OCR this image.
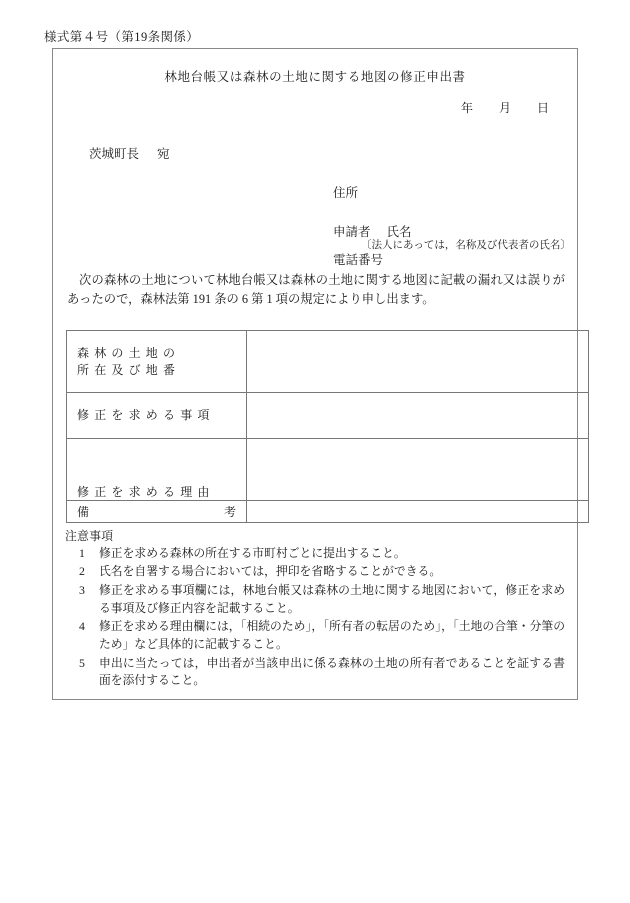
様式第４号（第19条関係）
林地台帳又は森林の土地に関する地図の修正申出書
年 月 日
茨城町長 宛

住所

申請者 氏名

〔法人にあっては，名称及び代表者の氏名〕

電話番号

次の森林の土地について林地台帳又は森林の土地に関する地図に記載の漏れ又は誤りがあったので，森林法第 191 条の 6 第 1 項の規定により申し出ます。
森林の土地の
所在及び地番	

修正を求める事項	

修正を求める理由	

備 考	

注意事項

1 修正を求める森林の所在する市町村ごとに提出すること。
2 氏名を自署する場合においては，押印を省略することができる。
3 修正を求める事項欄には，林地台帳又は森林の土地に関する地図において，修正を求める事項及び修正内容を記載すること。
4 修正を求める理由欄には，「相続のため」，「所有者の転居のため」，「土地の合筆・分筆のため」など具体的に記載すること。
5 申出に当たっては，申出者が当該申出に係る森林の土地の所有者であることを証する書面を添付すること。
